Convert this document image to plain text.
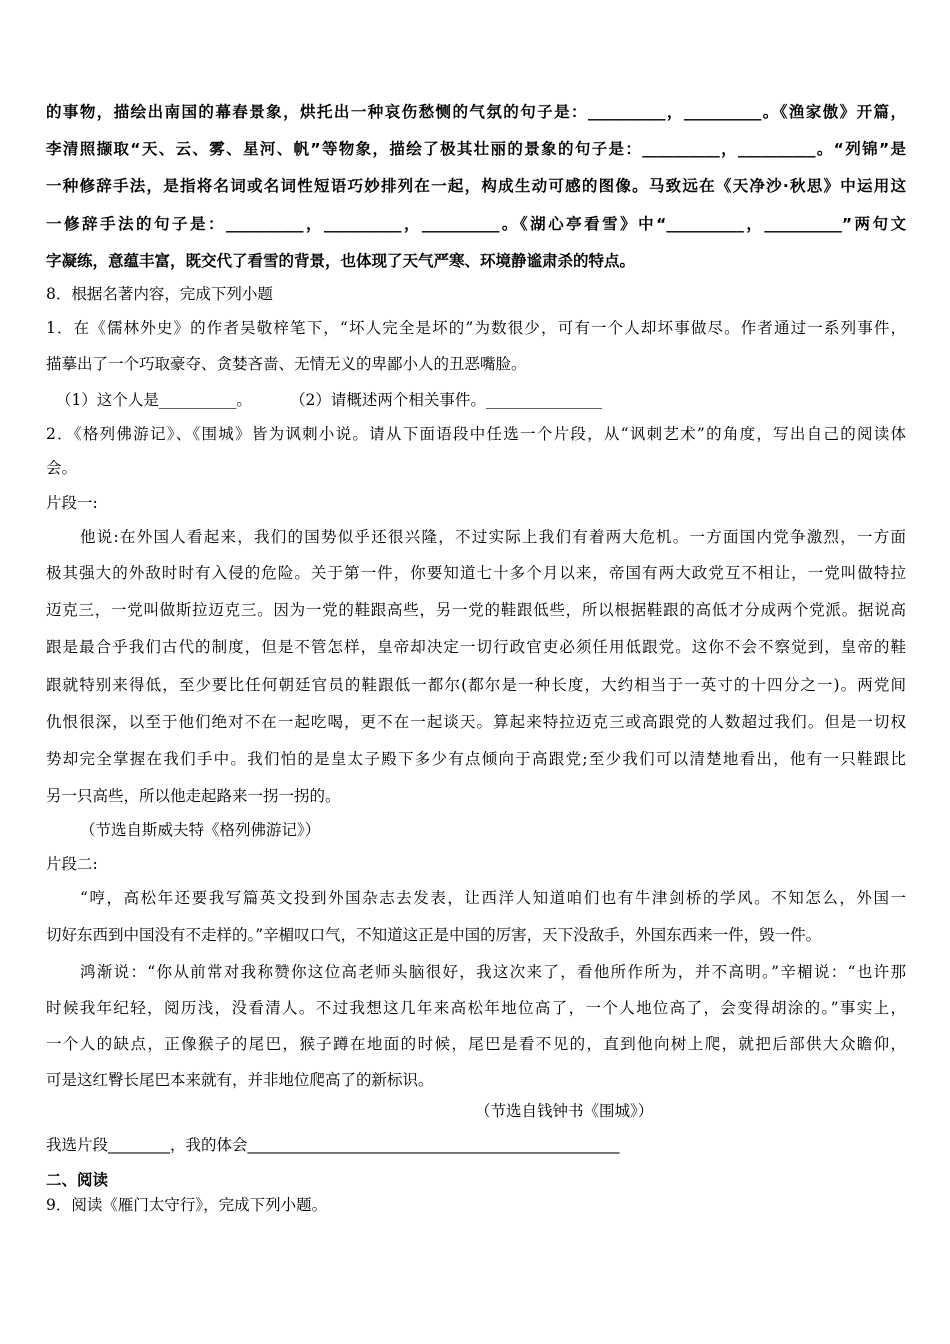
的事物，描绘出南国的幕春景象，烘托出一种哀伤愁恻的气氛的句子是：__________，__________。《渔家傲》开篇，
李清照撷取“天、云、雾、星河、帆”等物象，描绘了极其壮丽的景象的句子是：__________，__________。“列锦”是
一种修辞手法，是指将名词或名词性短语巧妙排列在一起，构成生动可感的图像。马致远在《天净沙·秋思》中运用这
一修辞手法的句子是：__________，__________，__________。《湖心亭看雪》中“__________，__________”两句文
字凝练，意蕴丰富，既交代了看雪的背景，也体现了天气严寒、环境静谧肃杀的特点。
8．根据名著内容，完成下列小题
1．在《儒林外史》的作者吴敬梓笔下，“坏人完全是坏的”为数很少，可有一个人却坏事做尽。作者通过一系列事件，
描摹出了一个巧取豪夺、贪婪吝啬、无情无义的卑鄙小人的丑恶嘴脸。
（1）这个人是__________。	（2）请概述两个相关事件。_______________
2．《格列佛游记》、《围城》皆为讽刺小说。请从下面语段中任选一个片段，从“讽刺艺术”的角度，写出自己的阅读体
会。
片段一:
他说:在外国人看起来，我们的国势似乎还很兴隆，不过实际上我们有着两大危机。一方面国内党争激烈，一方面
极其强大的外敌时时有入侵的危险。关于第一件，你要知道七十多个月以来，帝国有两大政党互不相让，一党叫做特拉
迈克三，一党叫做斯拉迈克三。因为一党的鞋跟高些，另一党的鞋跟低些，所以根据鞋跟的高低才分成两个党派。据说高
跟是最合乎我们古代的制度，但是不管怎样，皇帝却决定一切行政官吏必须任用低跟党。这你不会不察觉到，皇帝的鞋
跟就特别来得低，至少要比任何朝廷官员的鞋跟低一都尔(都尔是一种长度，大约相当于一英寸的十四分之一)。两党间
仇恨很深，以至于他们绝对不在一起吃喝，更不在一起谈天。算起来特拉迈克三或高跟党的人数超过我们。但是一切权
势却完全掌握在我们手中。我们怕的是皇太子殿下多少有点倾向于高跟党;至少我们可以清楚地看出，他有一只鞋跟比
另一只高些，所以他走起路来一拐一拐的。
（节选自斯威夫特《格列佛游记》）
片段二:
“哼，高松年还要我写篇英文投到外国杂志去发表，让西洋人知道咱们也有牛津剑桥的学风。不知怎么，外国一
切好东西到中国没有不走样的。”辛楣叹口气，不知道这正是中国的厉害，天下没敌手，外国东西来一件，毁一件。
鸿渐说：“你从前常对我称赞你这位高老师头脑很好，我这次来了，看他所作所为，并不高明。”辛楣说：“也许那
时候我年纪轻，阅历浅，没看清人。不过我想这几年来高松年地位高了，一个人地位高了，会变得胡涂的。”事实上，
一个人的缺点，正像猴子的尾巴，猴子蹲在地面的时候，尾巴是看不见的，直到他向树上爬，就把后部供大众瞻仰，
可是这红臀长尾巴本来就有，并非地位爬高了的新标识。
（节选自钱钟书《围城》）
我选片段________，我的体会________________________________________________
二、阅读
9．阅读《雁门太守行》，完成下列小题。
